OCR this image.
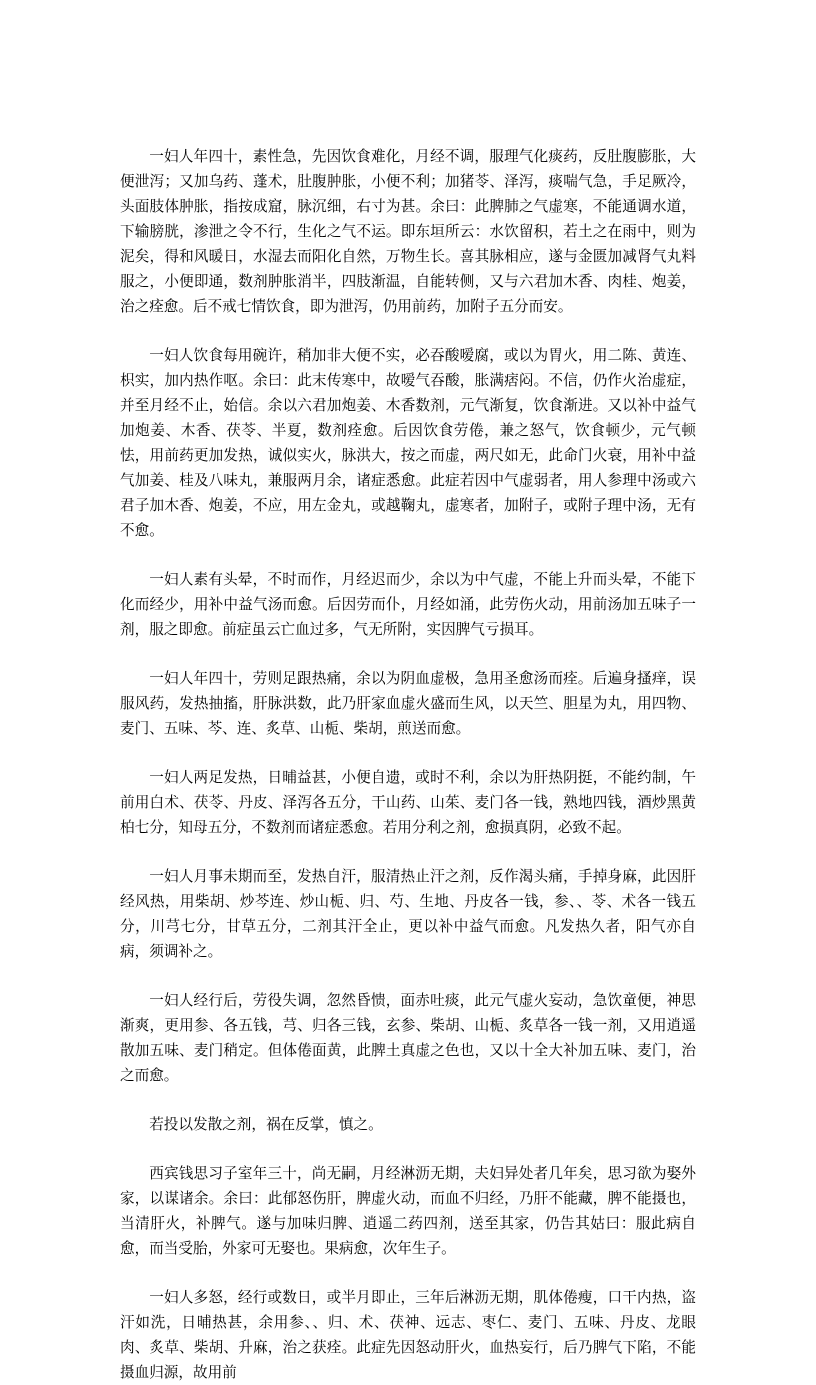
一妇人年四十，素性急，先因饮食难化，月经不调，服理气化痰药，反肚腹膨胀，大便泄泻；又加乌药、蓬术，肚腹肿胀，小便不利；加猪苓、泽泻，痰喘气急，手足厥冷，头面肢体肿胀，指按成窟，脉沉细，右寸为甚。余曰：此脾肺之气虚寒，不能通调水道，下输膀胱，渗泄之令不行，生化之气不运。即东垣所云：水饮留积，若土之在雨中，则为泥矣，得和风暖日，水湿去而阳化自然，万物生长。喜其脉相应，遂与金匮加减肾气丸料服之，小便即通，数剂肿胀消半，四肢渐温，自能转侧，又与六君加木香、肉桂、炮姜，治之痊愈。后不戒七情饮食，即为泄泻，仍用前药，加附子五分而安。

一妇人饮食每用碗许，稍加非大便不实，必吞酸嗳腐，或以为胃火，用二陈、黄连、枳实，加内热作呕。余曰：此末传寒中，故嗳气吞酸，胀满痞闷。不信，仍作火治虚症，并至月经不止，始信。余以六君加炮姜、木香数剂，元气渐复，饮食渐进。又以补中益气加炮姜、木香、茯苓、半夏，数剂痊愈。后因饮食劳倦，兼之怒气，饮食顿少，元气顿怯，用前药更加发热，诚似实火，脉洪大，按之而虚，两尺如无，此命门火衰，用补中益气加姜、桂及八味丸，兼服两月余，诸症悉愈。此症若因中气虚弱者，用人参理中汤或六君子加木香、炮姜，不应，用左金丸，或越鞠丸，虚寒者，加附子，或附子理中汤，无有不愈。

一妇人素有头晕，不时而作，月经迟而少，余以为中气虚，不能上升而头晕，不能下化而经少，用补中益气汤而愈。后因劳而仆，月经如涌，此劳伤火动，用前汤加五味子一剂，服之即愈。前症虽云亡血过多，气无所附，实因脾气亏损耳。

一妇人年四十，劳则足跟热痛，余以为阴血虚极，急用圣愈汤而痊。后遍身搔痒，误服风药，发热抽搐，肝脉洪数，此乃肝家血虚火盛而生风，以天竺、胆星为丸，用四物、麦门、五味、芩、连、炙草、山栀、柴胡，煎送而愈。

一妇人两足发热，日晡益甚，小便自遗，或时不利，余以为肝热阴挺，不能约制，午前用白术、茯苓、丹皮、泽泻各五分，干山药、山茱、麦门各一钱，熟地四钱，酒炒黑黄柏七分，知母五分，不数剂而诸症悉愈。若用分利之剂，愈损真阴，必致不起。

一妇人月事未期而至，发热自汗，服清热止汗之剂，反作渴头痛，手掉身麻，此因肝经风热，用柴胡、炒芩连、炒山栀、归、芍、生地、丹皮各一钱，参、、苓、术各一钱五分，川芎七分，甘草五分，二剂其汗全止，更以补中益气而愈。凡发热久者，阳气亦自病，须调补之。

一妇人经行后，劳役失调，忽然昏愦，面赤吐痰，此元气虚火妄动，急饮童便，神思渐爽，更用参、各五钱，芎、归各三钱，玄参、柴胡、山栀、炙草各一钱一剂，又用逍遥散加五味、麦门稍定。但体倦面黄，此脾土真虚之色也，又以十全大补加五味、麦门，治之而愈。

若投以发散之剂，祸在反掌，慎之。

西宾钱思习子室年三十，尚无嗣，月经淋沥无期，夫妇异处者几年矣，思习欲为娶外家，以谋诸余。余曰：此郁怒伤肝，脾虚火动，而血不归经，乃肝不能藏，脾不能摄也，当清肝火，补脾气。遂与加味归脾、逍遥二药四剂，送至其家，仍告其姑曰：服此病自愈，而当受胎，外家可无娶也。果病愈，次年生子。

一妇人多怒，经行或数日，或半月即止，三年后淋沥无期，肌体倦瘦，口干内热，盗汗如洗，日晡热甚，余用参、、归、术、茯神、远志、枣仁、麦门、五味、丹皮、龙眼肉、炙草、柴胡、升麻，治之获痊。此症先因怒动肝火，血热妄行，后乃脾气下陷，不能摄血归源，故用前
